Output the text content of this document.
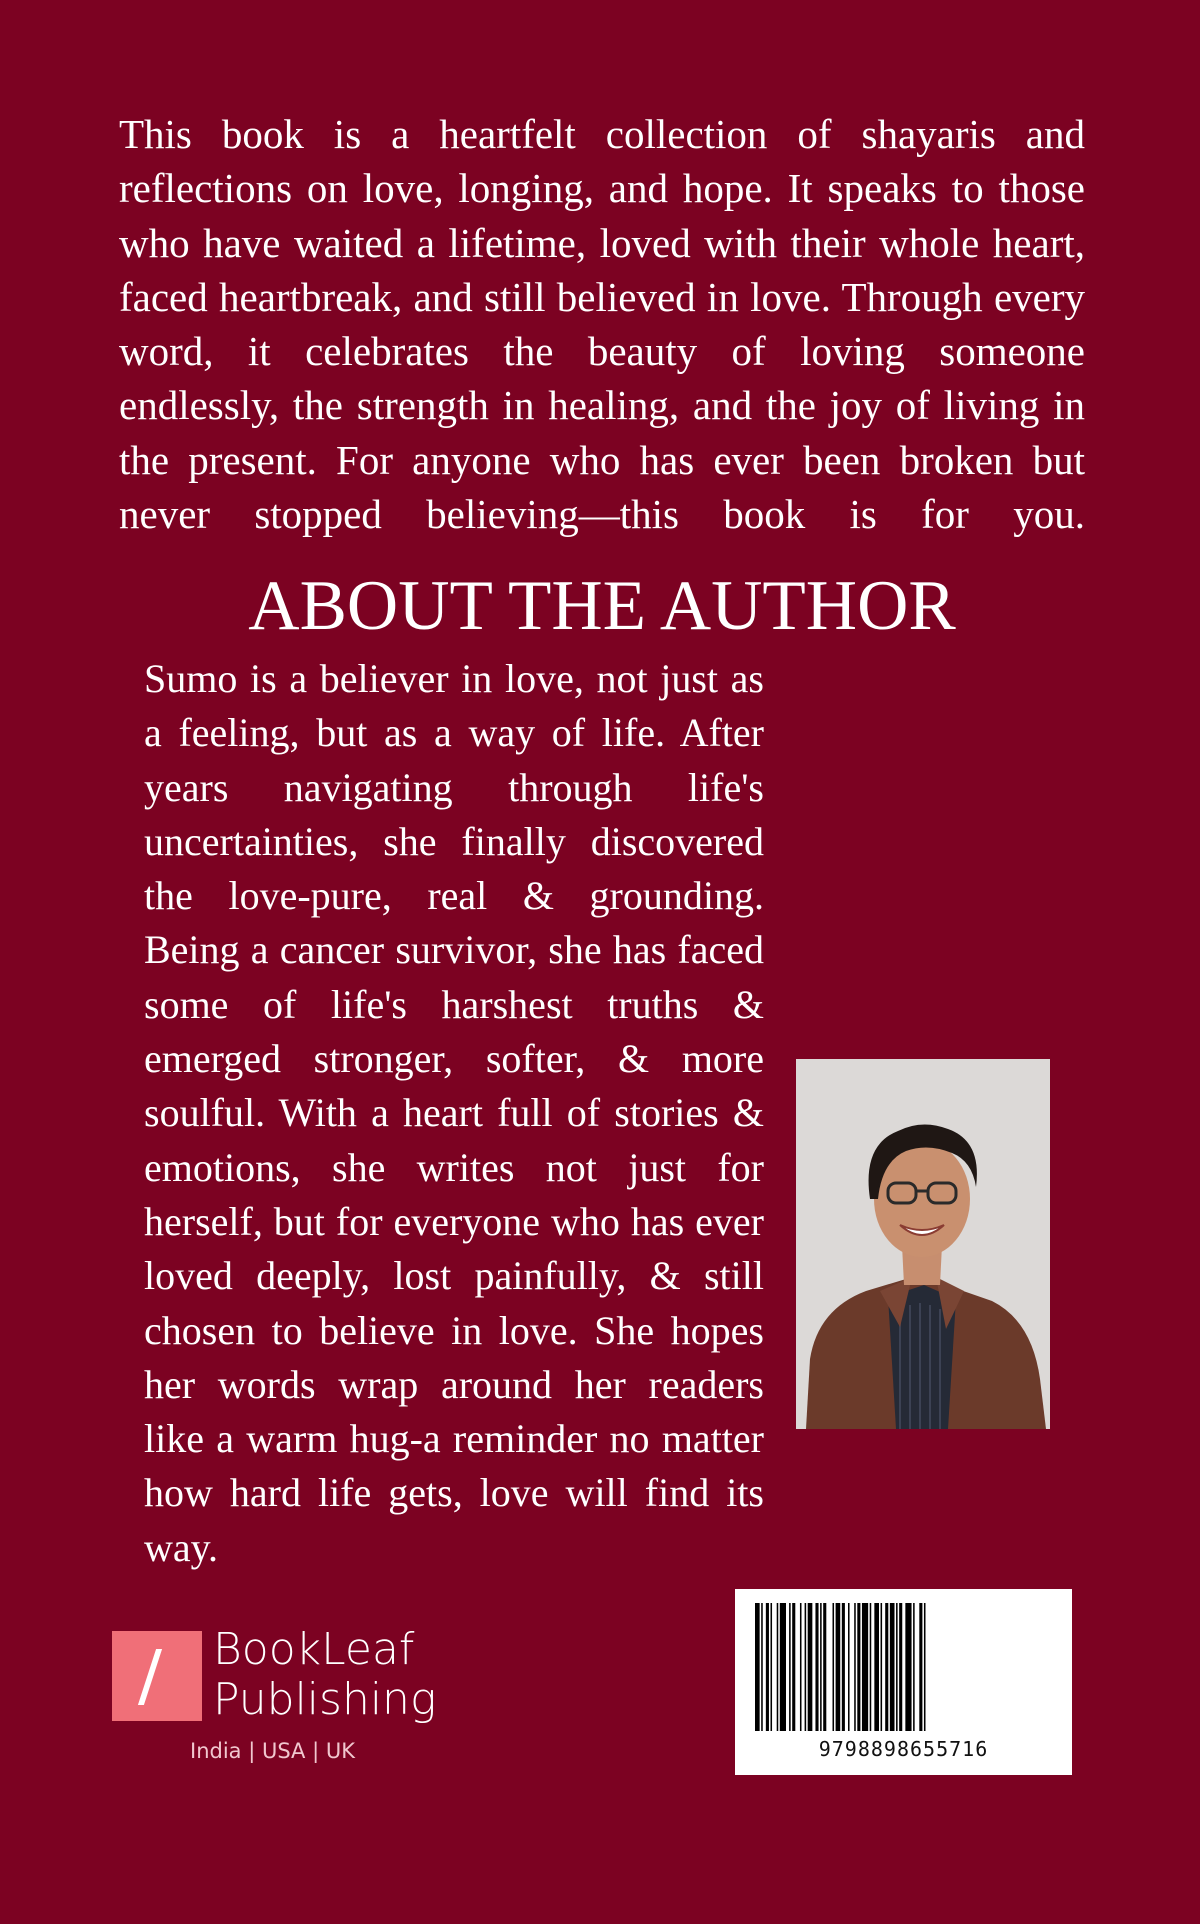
This book is a heartfelt collection of shayaris and reflections on love, longing, and hope. It speaks to those who have waited a lifetime, loved with their whole heart, faced heartbreak, and still believed in love. Through every word, it celebrates the beauty of loving someone endlessly, the strength in healing, and the joy of living in the present. For anyone who has ever been broken but never stopped believing—this book is for you.

ABOUT THE AUTHOR

Sumo is a believer in love, not just as a feeling, but as a way of life. After years navigating through life's uncertainties, she finally discovered the love-pure, real & grounding. Being a cancer survivor, she has faced some of life's harshest truths & emerged stronger, softer, & more soulful. With a heart full of stories & emotions, she writes not just for herself, but for everyone who has ever loved deeply, lost painfully, & still chosen to believe in love. She hopes her words wrap around her readers like a warm hug-a reminder no matter how hard life gets, love will find its way.

BookLeaf
Publishing
India | USA | UK	9798898655716
